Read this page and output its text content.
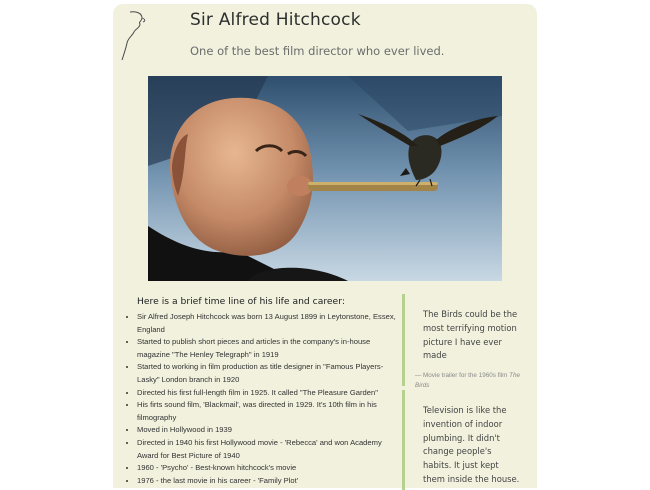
Sir Alfred Hitchcock

One of the best film director who ever lived.

Here is a brief time line of his life and career:
• Sir Alfred Joseph Hitchcock was born 13 August 1899 in Leytonstone, Essex, England
• Started to publish short pieces and articles in the company's in-house magazine "The Henley Telegraph" in 1919
• Started to working in film production as title designer in "Famous Players-Lasky" London branch in 1920
• Directed his first full-length film in 1925. It called "The Pleasure Garden"
• His firts sound film, 'Blackmail', was directed in 1929. It's 10th film in his filmography
• Moved in Hollywood in 1939
• Directed in 1940 his first Hollywood movie - 'Rebecca' and won Academy Award for Best Picture of 1940
• 1960 - 'Psycho' - Best-known hitchcock's movie
• 1976 - the last movie in his career - 'Family Plot'

The Birds could be the most terrifying motion picture I have ever made

— Movie trailer for the 1960s film The Birds

Television is like the invention of indoor plumbing. It didn't change people's habits. It just kept them inside the house.
